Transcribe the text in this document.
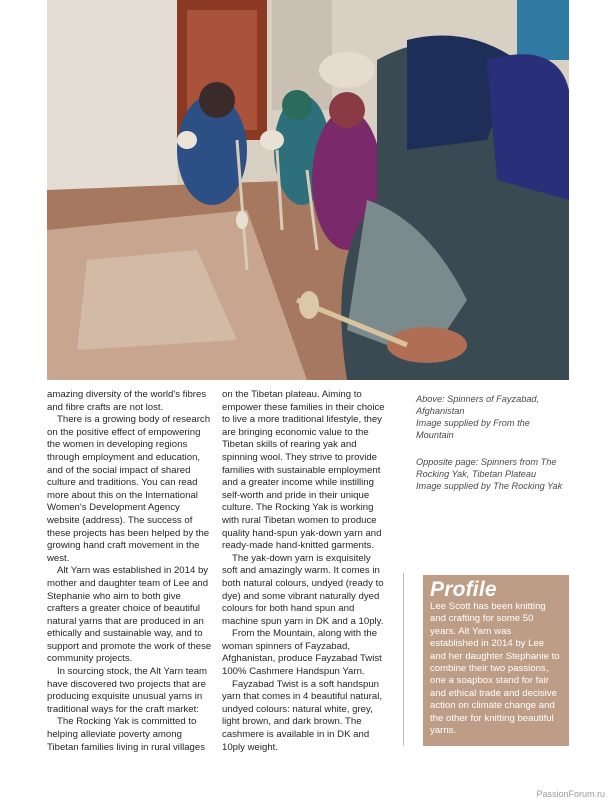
amazing diversity of the world's fibres and fibre crafts are not lost.

There is a growing body of research on the positive effect of empowering the women in developing regions through employment and education, and of the social impact of shared culture and traditions. You can read more about this on the International Women's Development Agency website (address). The success of these projects has been helped by the growing hand craft movement in the west.

Alt Yarn was established in 2014 by mother and daughter team of Lee and Stephanie who aim to both give crafters a greater choice of beautiful natural yarns that are produced in an ethically and sustainable way, and to support and promote the work of these community projects.

In sourcing stock, the Alt Yarn team have discovered two projects that are producing exquisite unusual yarns in traditional ways for the craft market:

The Rocking Yak is committed to helping alleviate poverty among Tibetan families living in rural villages

on the Tibetan plateau. Aiming to empower these families in their choice to live a more traditional lifestyle, they are bringing economic value to the Tibetan skills of rearing yak and spinning wool. They strive to provide families with sustainable employment and a greater income while instilling self-worth and pride in their unique culture. The Rocking Yak is working with rural Tibetan women to produce quality hand-spun yak-down yarn and ready-made hand-knitted garments.

The yak-down yarn is exquisitely soft and amazingly warm. It comes in both natural colours, undyed (ready to dye) and some vibrant naturally dyed colours for both hand spun and machine spun yarn in DK and a 10ply.

From the Mountain, along with the woman spinners of Fayzabad, Afghanistan, produce Fayzabad Twist 100% Cashmere Handspun Yarn.

Fayzabad Twist is a soft handspun yarn that comes in 4 beautiful natural, undyed colours: natural white, grey, light brown, and dark brown. The cashmere is available in in DK and 10ply weight.

Above: Spinners of Fayzabad, Afghanistan
Image supplied by From the Mountain
Opposite page: Spinners from The Rocking Yak, Tibetan Plateau
Image supplied by The Rocking Yak
Profile

Lee Scott has been knitting and crafting for some 50 years. Alt Yarn was established in 2014 by Lee and her daughter Stephanie to combine their two passions, one a soapbox stand for fair and ethical trade and decisive action on climate change and the other for knitting beautiful yarns.

PassionForum.ru
